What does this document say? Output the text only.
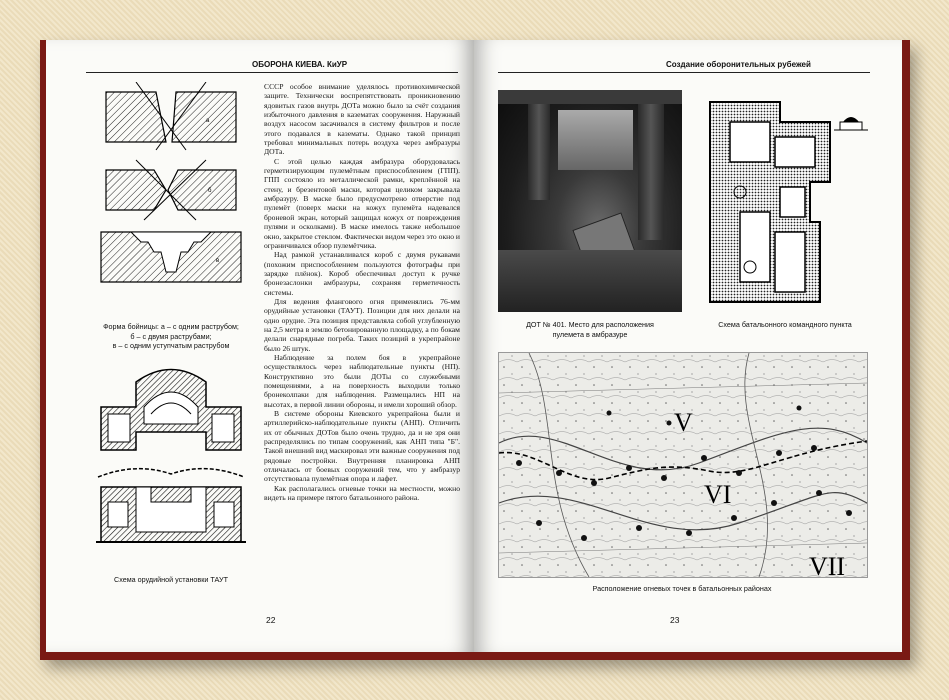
ОБОРОНА КИЕВА. КиУР
а
б
в
Форма бойницы: а – с одним раструбом;
б – с двумя раструбами;
в – с одним уступчатым раструбом
Схема орудийной установки ТАУТ

СССР особое внимание уделялось противохимической защите. Технически воспрепятствовать проникновению ядовитых газов внутрь ДОТа можно было за счёт создания избыточного давления в казематах сооружения. Наружный воздух насосом засачивался в систему фильтров и после этого подавался в казематы. Однако такой принцип требовал минимальных потерь воздуха через амбразуры ДОТа.

С этой целью каждая амбразура оборудовалась герметизирующим пулемётным приспособлением (ГПП). ГПП состояло из металлической рамки, креплённой на стену, и брезентовой маски, которая целиком закрывала амбразуру. В маске было предусмотрено отверстие под пулемёт (поверх маски на кожух пулемёта надевался броневой экран, который защищал кожух от повреждения пулями и осколками). В маске имелось также небольшое окно, закрытое стеклом. Фактически видом через это окно и ограничивался обзор пулемётчика.

Над рамкой устанавливался короб с двумя рукавами (похожим приспособлением пользуются фотографы при зарядке плёнок). Короб обеспечивал доступ к ручке бронезаслонки амбразуры, сохраняя герметичность системы.

Для ведения флангового огня применялись 76-мм орудийные установки (ТАУТ). Позиции для них делали на одно орудие. Эта позиция представляла собой углубленную на 2,5 метра в землю бетонированную площадку, а по бокам делали снарядные погреба. Таких позиций в укрепрайоне было 26 штук.

Наблюдение за полем боя в укрепрайоне осуществлялось через наблюдательные пункты (НП). Конструктивно это были ДОТы со служебными помещениями, а на поверхность выходили только бронеколпаки для наблюдения. Размещались НП на высотах, в первой линии обороны, и имели хороший обзор.

В системе обороны Киевского укрепрайона были и артиллерийско-наблюдательные пункты (АНП). Отличить их от обычных ДОТов было очень трудно, да и не зря они распределялись по типам сооружений, как АНП типа "Б". Такой внешний вид маскировал эти важные сооружения под рядовые постройки. Внутренняя планировка АНП отличалась от боевых сооружений тем, что у амбразур отсутствовала пулемётная опора и лафет.

Как располагались огневые точки на местности, можно видеть на примере пятого батальонного района.

22
Создание оборонительных рубежей
ДОТ № 401. Место для расположения
пулемета в амбразуре
Схема батальонного командного пункта
V
VI
VII
Расположение огневых точек в батальонных районах
23
